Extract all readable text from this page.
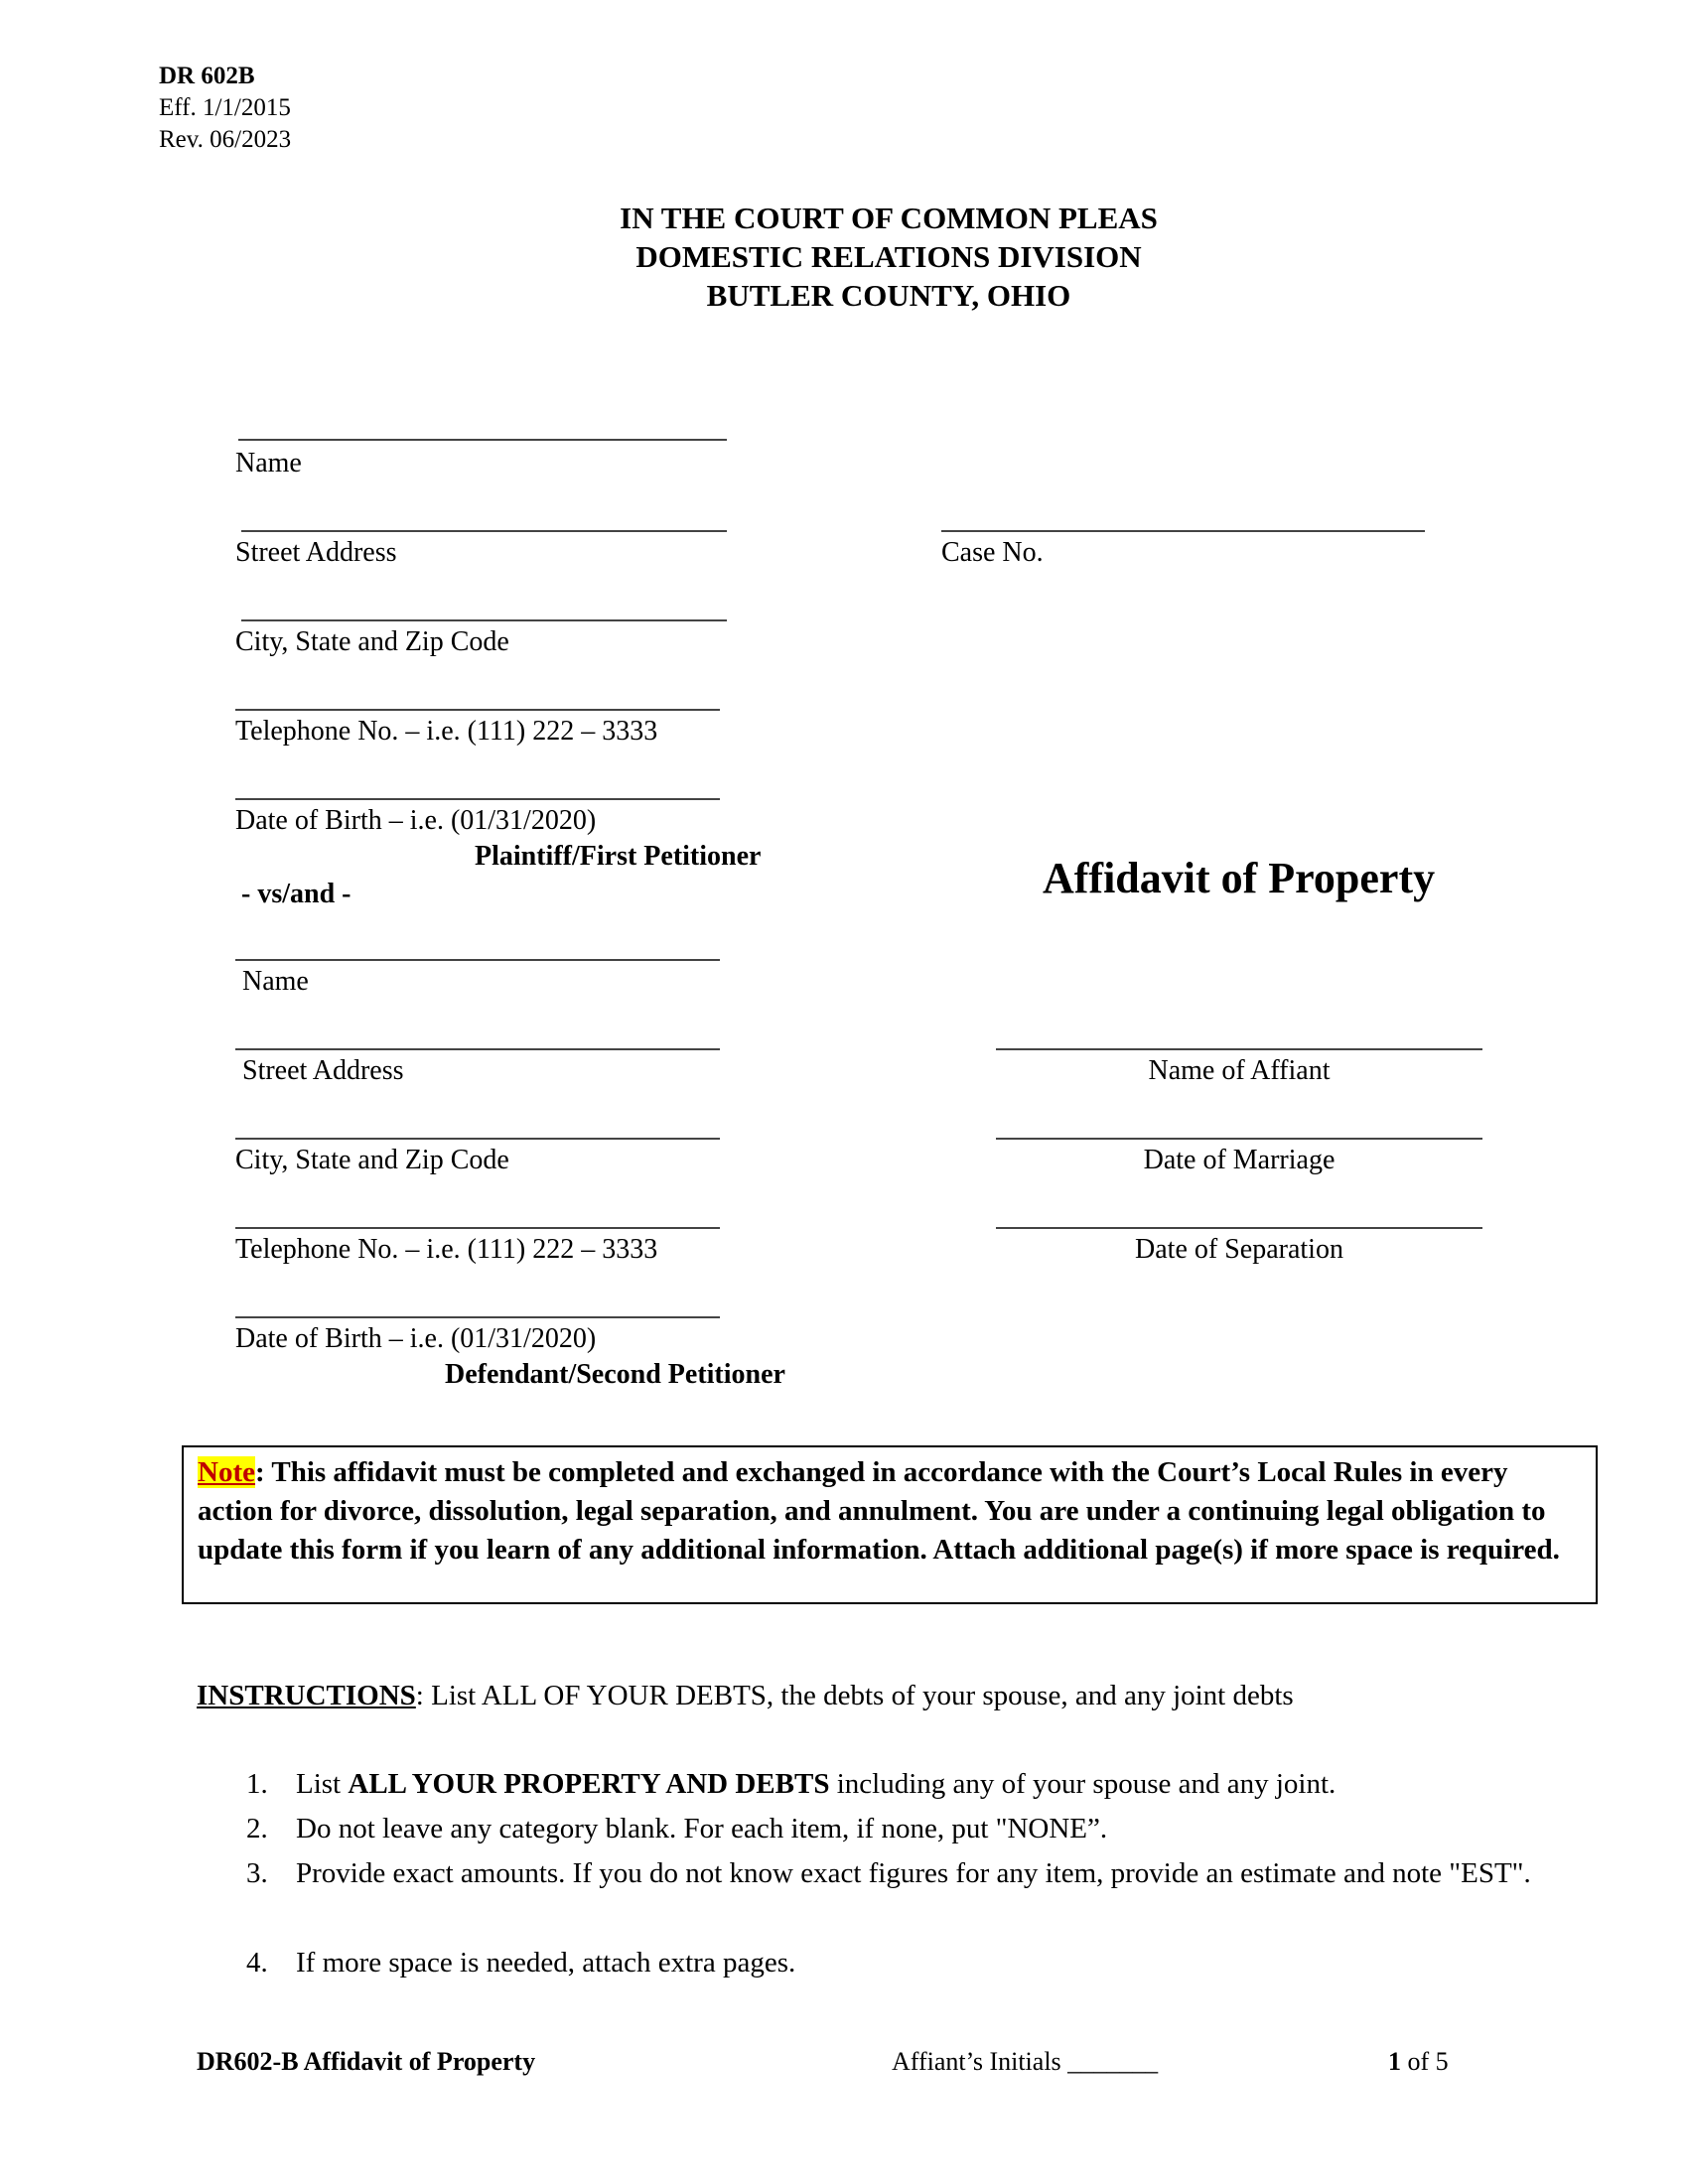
DR 602B
Eff. 1/1/2015
Rev. 06/2023
IN THE COURT OF COMMON PLEAS
DOMESTIC RELATIONS DIVISION
BUTLER COUNTY, OHIO
Name
Street Address
City, State and Zip Code
Telephone No. – i.e. (111) 222 – 3333
Date of Birth – i.e. (01/31/2020)
Plaintiff/First Petitioner
- vs/and -
Case No.
Affidavit of Property
Name
Street Address
City, State and Zip Code
Telephone No. – i.e. (111) 222 – 3333
Date of Birth – i.e. (01/31/2020)
Defendant/Second Petitioner
Name of Affiant
Date of Marriage
Date of Separation
Note: This affidavit must be completed and exchanged in accordance with the Court’s Local Rules in every action for divorce, dissolution, legal separation, and annulment. You are under a continuing legal obligation to update this form if you learn of any additional information. Attach additional page(s) if more space is required.
INSTRUCTIONS: List ALL OF YOUR DEBTS, the debts of your spouse, and any joint debts
1. List ALL YOUR PROPERTY AND DEBTS including any of your spouse and any joint.
2. Do not leave any category blank. For each item, if none, put "NONE”.
3. Provide exact amounts. If you do not know exact figures for any item, provide an estimate and note "EST".
4. If more space is needed, attach extra pages.
DR602-B Affidavit of Property	Affiant’s Initials _______	1 of 5
